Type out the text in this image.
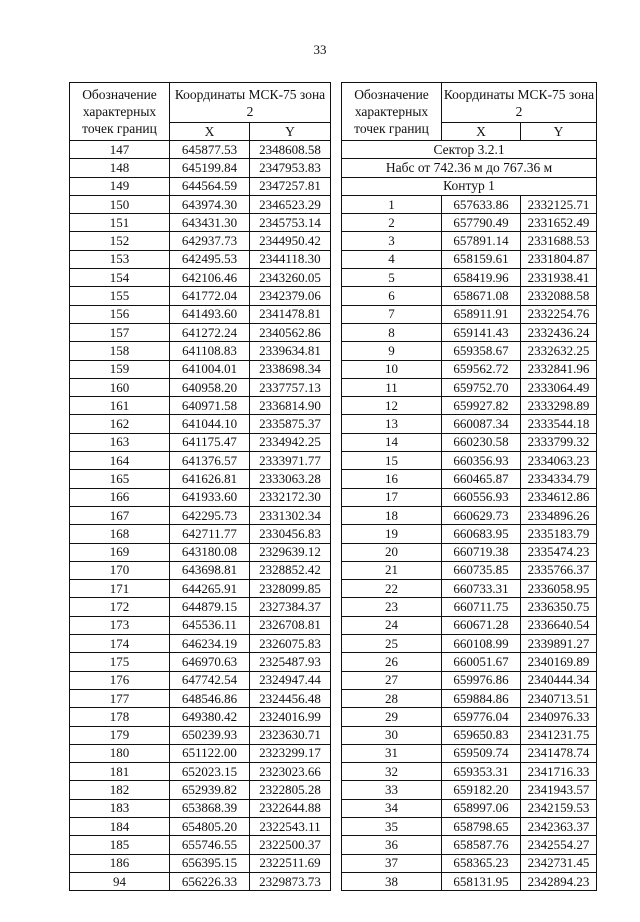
33
Обозначение характерных точек границ	Координаты МСК-75 зона 2	
	X	Y
147	645877.53	2348608.58
148	645199.84	2347953.83
149	644564.59	2347257.81
150	643974.30	2346523.29
151	643431.30	2345753.14
152	642937.73	2344950.42
153	642495.53	2344118.30
154	642106.46	2343260.05
155	641772.04	2342379.06
156	641493.60	2341478.81
157	641272.24	2340562.86
158	641108.83	2339634.81
159	641004.01	2338698.34
160	640958.20	2337757.13
161	640971.58	2336814.90
162	641044.10	2335875.37
163	641175.47	2334942.25
164	641376.57	2333971.77
165	641626.81	2333063.28
166	641933.60	2332172.30
167	642295.73	2331302.34
168	642711.77	2330456.83
169	643180.08	2329639.12
170	643698.81	2328852.42
171	644265.91	2328099.85
172	644879.15	2327384.37
173	645536.11	2326708.81
174	646234.19	2326075.83
175	646970.63	2325487.93
176	647742.54	2324947.44
177	648546.86	2324456.48
178	649380.42	2324016.99
179	650239.93	2323630.71
180	651122.00	2323299.17
181	652023.15	2323023.66
182	652939.82	2322805.28
183	653868.39	2322644.88
184	654805.20	2322543.11
185	655746.55	2322500.37
186	656395.15	2322511.69
94	656226.33	2329873.73
Обозначение характерных точек границ	Координаты МСК-75 зона 2	
	X	Y
Сектор 3.2.1		
Набс от 742.36 м до 767.36 м		
Контур 1		
1	657633.86	2332125.71
2	657790.49	2331652.49
3	657891.14	2331688.53
4	658159.61	2331804.87
5	658419.96	2331938.41
6	658671.08	2332088.58
7	658911.91	2332254.76
8	659141.43	2332436.24
9	659358.67	2332632.25
10	659562.72	2332841.96
11	659752.70	2333064.49
12	659927.82	2333298.89
13	660087.34	2333544.18
14	660230.58	2333799.32
15	660356.93	2334063.23
16	660465.87	2334334.79
17	660556.93	2334612.86
18	660629.73	2334896.26
19	660683.95	2335183.79
20	660719.38	2335474.23
21	660735.85	2335766.37
22	660733.31	2336058.95
23	660711.75	2336350.75
24	660671.28	2336640.54
25	660108.99	2339891.27
26	660051.67	2340169.89
27	659976.86	2340444.34
28	659884.86	2340713.51
29	659776.04	2340976.33
30	659650.83	2341231.75
31	659509.74	2341478.74
32	659353.31	2341716.33
33	659182.20	2341943.57
34	658997.06	2342159.53
35	658798.65	2342363.37
36	658587.76	2342554.27
37	658365.23	2342731.45
38	658131.95	2342894.23
